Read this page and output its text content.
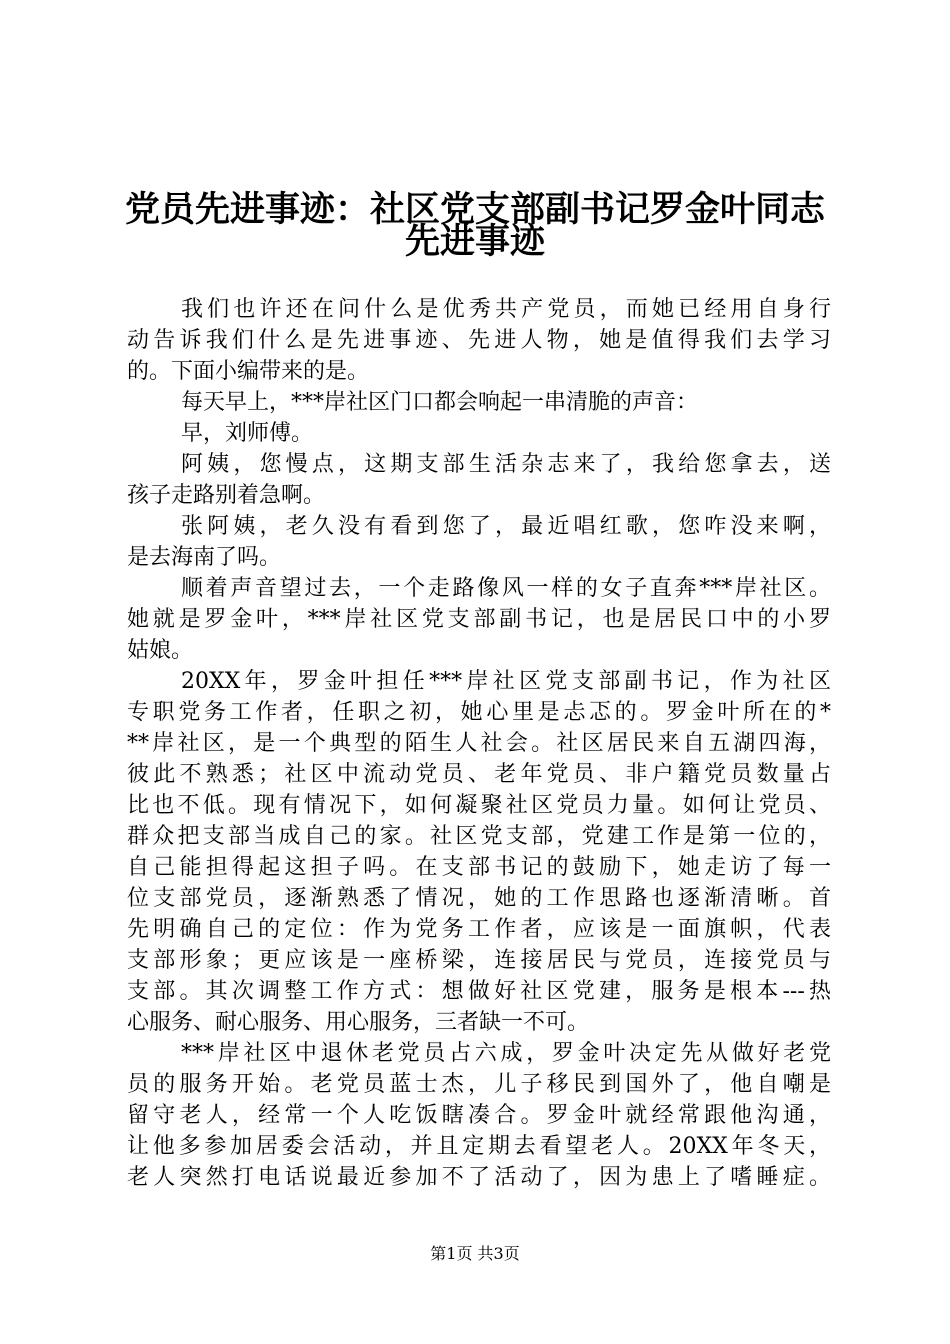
党员先进事迹：社区党支部副书记罗金叶同志
先进事迹
我们也许还在问什么是优秀共产党员，而她已经用自身行
动告诉我们什么是先进事迹、先进人物，她是值得我们去学习
的。下面小编带来的是。
每天早上，***岸社区门口都会响起一串清脆的声音：
早，刘师傅。
阿姨，您慢点，这期支部生活杂志来了，我给您拿去，送
孩子走路别着急啊。
张阿姨，老久没有看到您了，最近唱红歌，您咋没来啊，
是去海南了吗。
顺着声音望过去，一个走路像风一样的女子直奔***岸社区。
她就是罗金叶，***岸社区党支部副书记，也是居民口中的小罗
姑娘。
20XX年，罗金叶担任***岸社区党支部副书记，作为社区
专职党务工作者，任职之初，她心里是忐忑的。罗金叶所在的*
**岸社区，是一个典型的陌生人社会。社区居民来自五湖四海，
彼此不熟悉；社区中流动党员、老年党员、非户籍党员数量占
比也不低。现有情况下，如何凝聚社区党员力量。如何让党员、
群众把支部当成自己的家。社区党支部，党建工作是第一位的，
自己能担得起这担子吗。在支部书记的鼓励下，她走访了每一
位支部党员，逐渐熟悉了情况，她的工作思路也逐渐清晰。首
先明确自己的定位：作为党务工作者，应该是一面旗帜，代表
支部形象；更应该是一座桥梁，连接居民与党员，连接党员与
支部。其次调整工作方式：想做好社区党建，服务是根本---热
心服务、耐心服务、用心服务，三者缺一不可。
***岸社区中退休老党员占六成，罗金叶决定先从做好老党
员的服务开始。老党员蓝士杰，儿子移民到国外了，他自嘲是
留守老人，经常一个人吃饭瞎凑合。罗金叶就经常跟他沟通，
让他多参加居委会活动，并且定期去看望老人。20XX年冬天，
老人突然打电话说最近参加不了活动了，因为患上了嗜睡症。
第1页 共3页
